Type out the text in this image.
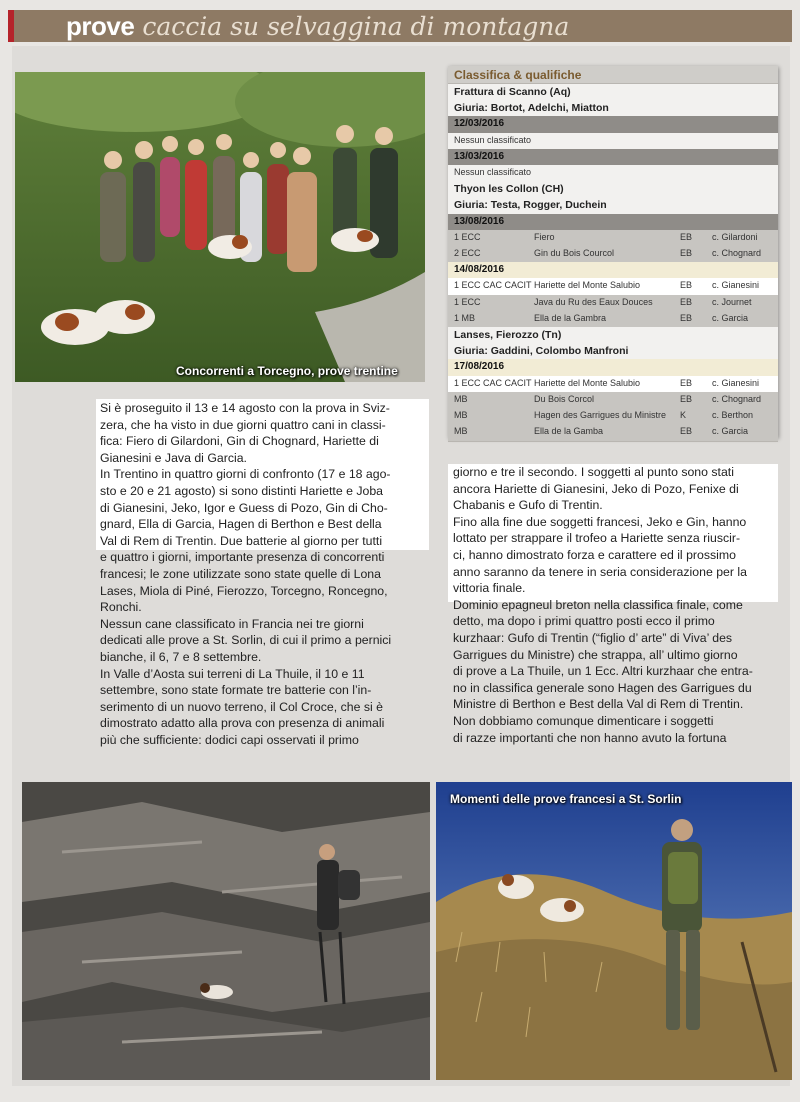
prove caccia su selvaggina di montagna
Concorrenti a Torcegno, prove trentine
Classifica & qualifiche
Frattura di Scanno (Aq)
Giuria: Bortot, Adelchi, Miatton
12/03/2016
Nessun classificato
13/03/2016
Nessun classificato
Thyon les Collon (CH)
Giuria: Testa, Rogger, Duchein
13/08/2016
1 ECC	Fiero	EB c. Gilardoni
2 ECC	Gin du Bois Courcol	EB c. Chognard
14/08/2016
1 ECC CAC CACIT Hariette del Monte Salubio	EB c. Gianesini
1 ECC	Java du Ru des Eaux Douces	EB c. Journet
1 MB	Ella de la Gambra	EB c. Garcia
Lanses, Fierozzo (Tn)
Giuria: Gaddini, Colombo Manfroni
17/08/2016
1 ECC CAC CACIT Hariette del Monte Salubio	EB c. Gianesini
MB	Du Bois Corcol	EB c. Chognard
MB	Hagen des Garrigues du Ministre K	c. Berthon
MB	Ella de la Gamba	EB c. Garcia

Si è proseguito il 13 e 14 agosto con la prova in Sviz-

zera, che ha visto in due giorni quattro cani in classi-

fica: Fiero di Gilardoni, Gin di Chognard, Hariette di

Gianesini e Java di Garcia.

In Trentino in quattro giorni di confronto (17 e 18 ago-

sto e 20 e 21 agosto) si sono distinti Hariette e Joba

di Gianesini, Jeko, Igor e Guess di Pozo, Gin di Cho-

gnard, Ella di Garcia, Hagen di Berthon e Best della

Val di Rem di Trentin. Due batterie al giorno per tutti

e quattro i giorni, importante presenza di concorrenti

francesi; le zone utilizzate sono state quelle di Lona

Lases, Miola di Piné, Fierozzo, Torcegno, Roncegno,

Ronchi.

Nessun cane classificato in Francia nei tre giorni

dedicati alle prove a St. Sorlin, di cui il primo a pernici

bianche, il 6, 7 e 8 settembre.

In Valle d’Aosta sui terreni di La Thuile, il 10 e 11

settembre, sono state formate tre batterie con l’in-

serimento di un nuovo terreno, il Col Croce, che si è

dimostrato adatto alla prova con presenza di animali

più che sufficiente: dodici capi osservati il primo

giorno e tre il secondo. I soggetti al punto sono stati

ancora Hariette di Gianesini, Jeko di Pozo, Fenixe di

Chabanis e Gufo di Trentin.

Fino alla fine due soggetti francesi, Jeko e Gin, hanno

lottato per strappare il trofeo a Hariette senza riuscir-

ci, hanno dimostrato forza e carattere ed il prossimo

anno saranno da tenere in seria considerazione per la

vittoria finale.

Dominio epagneul breton nella classifica finale, come

detto, ma dopo i primi quattro posti ecco il primo

kurzhaar: Gufo di Trentin (“figlio d’ arte” di Viva’ des

Garrigues du Ministre) che strappa, all’ ultimo giorno

di prove a La Thuile, un 1 Ecc. Altri kurzhaar che entra-

no in classifica generale sono Hagen des Garrigues du

Ministre di Berthon e Best della Val di Rem di Trentin.

Non dobbiamo comunque dimenticare i soggetti

di razze importanti che non hanno avuto la fortuna

Momenti delle prove francesi a St. Sorlin
